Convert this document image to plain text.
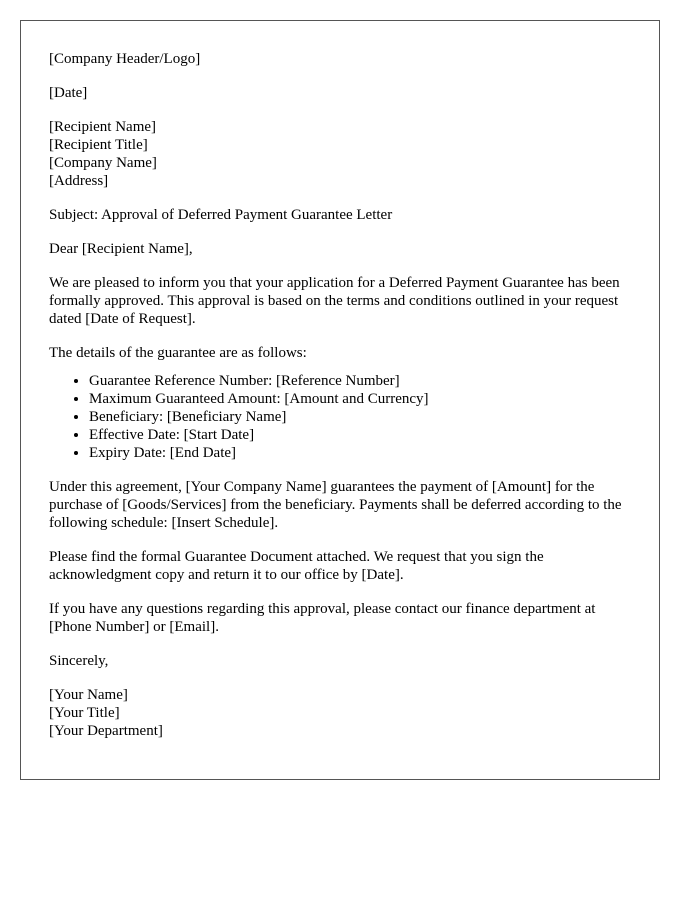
[Company Header/Logo]

[Date]

[Recipient Name]
[Recipient Title]
[Company Name]
[Address]

Subject: Approval of Deferred Payment Guarantee Letter

Dear [Recipient Name],

We are pleased to inform you that your application for a Deferred Payment Guarantee has been formally approved. This approval is based on the terms and conditions outlined in your request dated [Date of Request].

The details of the guarantee are as follows:

• Guarantee Reference Number: [Reference Number]
• Maximum Guaranteed Amount: [Amount and Currency]
• Beneficiary: [Beneficiary Name]
• Effective Date: [Start Date]
• Expiry Date: [End Date]

Under this agreement, [Your Company Name] guarantees the payment of [Amount] for the purchase of [Goods/Services] from the beneficiary. Payments shall be deferred according to the following schedule: [Insert Schedule].

Please find the formal Guarantee Document attached. We request that you sign the acknowledgment copy and return it to our office by [Date].

If you have any questions regarding this approval, please contact our finance department at [Phone Number] or [Email].

Sincerely,

[Your Name]
[Your Title]
[Your Department]
